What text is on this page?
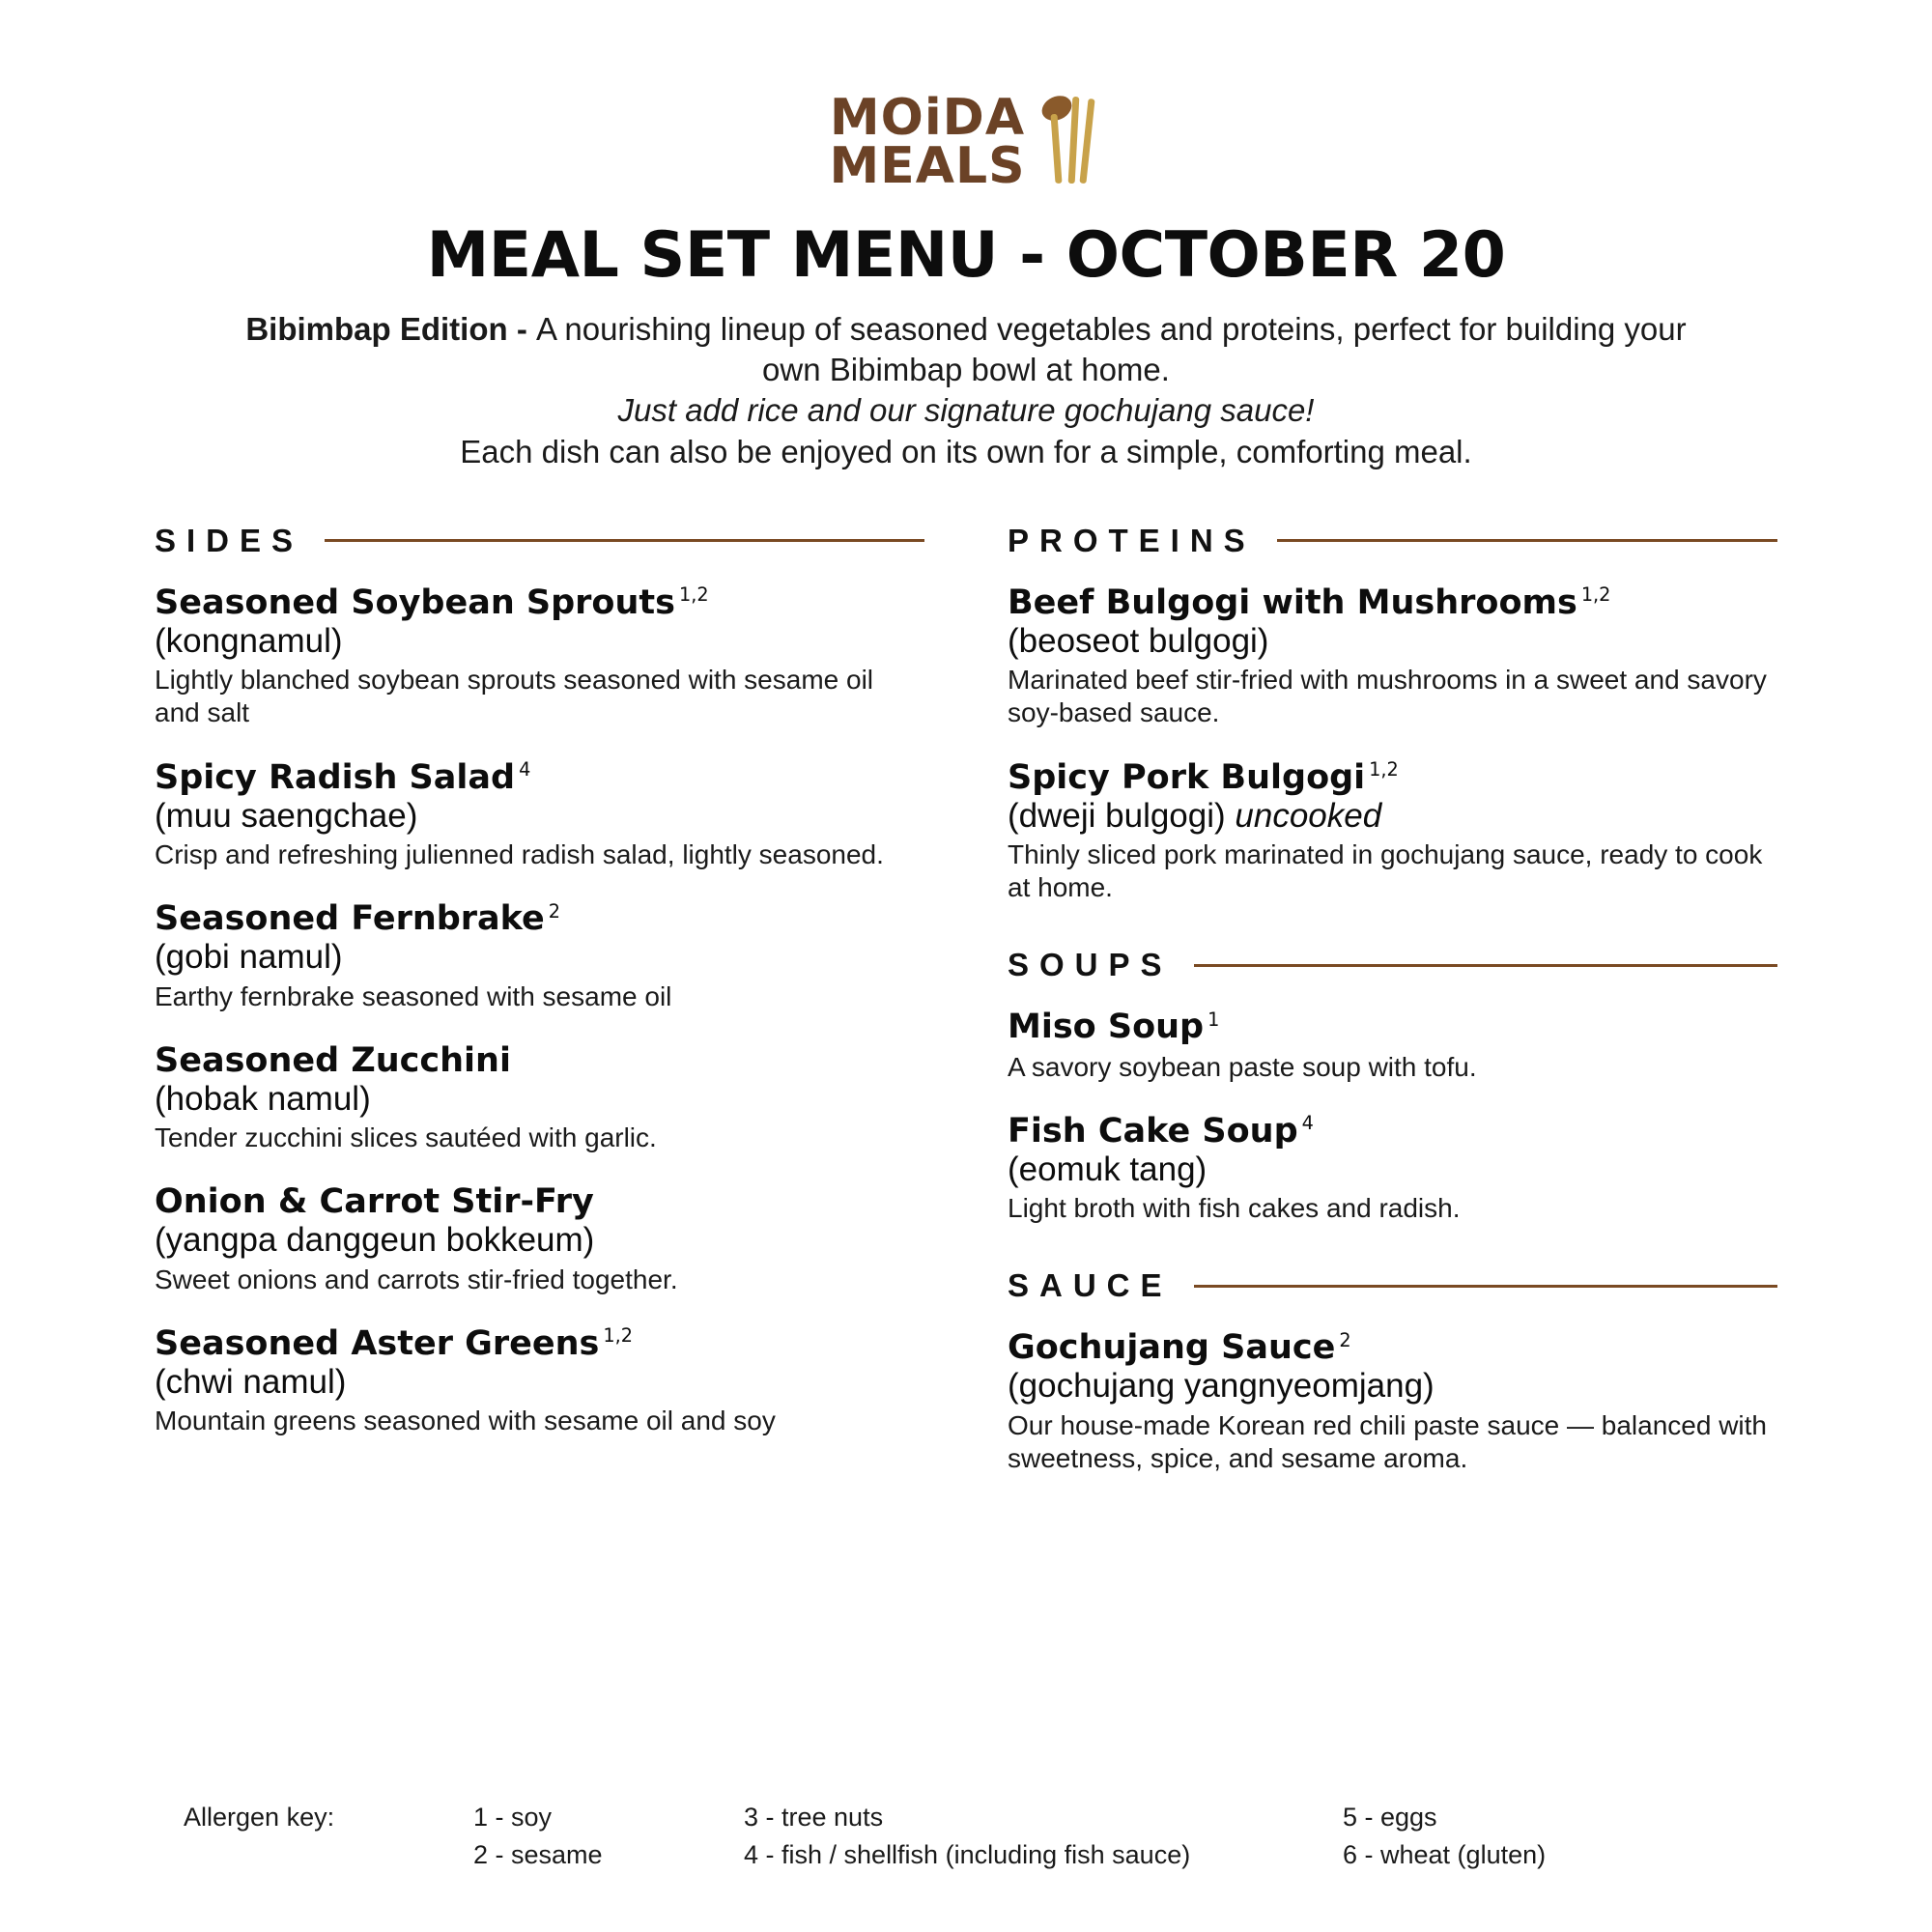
MOiDA
MEALS
MEAL SET MENU - OCTOBER 20
Bibimbap Edition - A nourishing lineup of seasoned vegetables and proteins, perfect for building your own Bibimbap bowl at home.
Just add rice and our signature gochujang sauce!
Each dish can also be enjoyed on its own for a simple, comforting meal.
SIDES
Seasoned Soybean Sprouts $^{1,2}$
(kongnamul)
Lightly blanched soybean sprouts seasoned with sesame oil and salt
Spicy Radish Salad $^4$
(muu saengchae)
Crisp and refreshing julienned radish salad, lightly seasoned.
Seasoned Fernbrake $^2$
(gobi namul)
Earthy fernbrake seasoned with sesame oil
Seasoned Zucchini
(hobak namul)
Tender zucchini slices sautéed with garlic.
Onion & Carrot Stir-Fry
(yangpa danggeun bokkeum)
Sweet onions and carrots stir-fried together.
Seasoned Aster Greens $^{1,2}$
(chwi namul)
Mountain greens seasoned with sesame oil and soy
PROTEINS
Beef Bulgogi with Mushrooms $^{1,2}$
(beoseot bulgogi)
Marinated beef stir-fried with mushrooms in a sweet and savory soy-based sauce.
Spicy Pork Bulgogi $^{1,2}$
(dweji bulgogi) uncooked
Thinly sliced pork marinated in gochujang sauce, ready to cook at home.
SOUPS
Miso Soup $^1$
A savory soybean paste soup with tofu.
Fish Cake Soup $^4$
(eomuk tang)
Light broth with fish cakes and radish.
SAUCE
Gochujang Sauce $^2$
(gochujang yangnyeomjang)
Our house-made Korean red chili paste sauce — balanced with sweetness, spice, and sesame aroma.
Allergen key:	1 - soy
2 - sesame
3 - tree nuts
4 - fish / shellfish (including fish sauce)
5 - eggs
6 - wheat (gluten)
